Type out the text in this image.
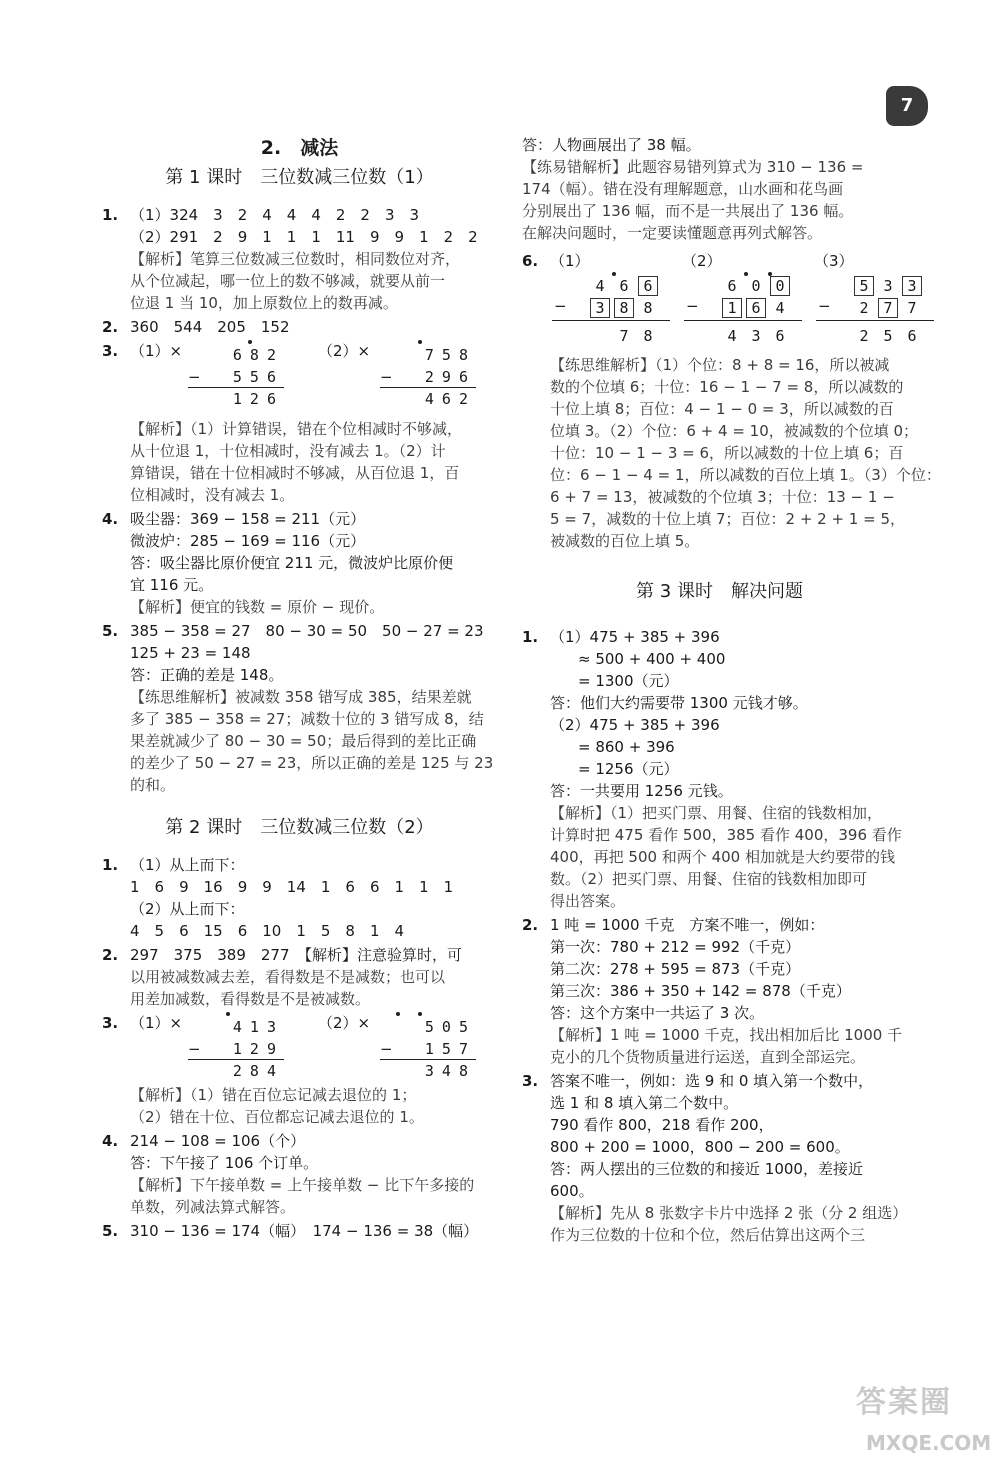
7

2.　减法

第 1 课时　三位数减三位数（1）

1. （1）324　3　2　4　4　4　2　2　3　3

（2）291　2　9　1　1　1　11　9　9　1　2　2

【解析】笔算三位数减三位数时，相同数位对齐，

从个位减起，哪一位上的数不够减，就要从前一

位退 1 当 10，加上原数位上的数再减。

2. 360　544　205　152

3. （1）×	682
− 556
126
（2）×	758
− 296
462

【解析】（1）计算错误，错在个位相减时不够减，

从十位退 1，十位相减时，没有减去 1。（2）计

算错误，错在十位相减时不够减，从百位退 1，百

位相减时，没有减去 1。

4. 吸尘器：369 − 158 = 211（元）

微波炉：285 − 169 = 116（元）

答：吸尘器比原价便宜 211 元，微波炉比原价便

宜 116 元。

【解析】便宜的钱数 = 原价 − 现价。

5. 385 − 358 = 27　80 − 30 = 50　50 − 27 = 23

125 + 23 = 148

答：正确的差是 148。

【练思维解析】被减数 358 错写成 385，结果差就

多了 385 − 358 = 27；减数十位的 3 错写成 8，结

果差就减少了 80 − 30 = 50；最后得到的差比正确

的差少了 50 − 27 = 23，所以正确的差是 125 与 23

的和。

第 2 课时　三位数减三位数（2）

1. （1）从上而下：

1　6　9　16　9　9　14　1　6　6　1　1　1

（2）从上而下：

4　5　6　15　6　10　1　5　8　1　4

2. 297　375　389　277　【解析】注意验算时，可

以用被减数减去差，看得数是不是减数；也可以

用差加减数，看得数是不是被减数。

3. （1）×	413
− 129
284
（2）×	505
− 157
348

【解析】（1）错在百位忘记减去退位的 1；

（2）错在十位、百位都忘记减去退位的 1。

4. 214 − 108 = 106（个）

答：下午接了 106 个订单。

【解析】下午接单数 = 上午接单数 − 比下午多接的

单数，列减法算式解答。

5. 310 − 136 = 174（幅）　174 − 136 = 38（幅）

答：人物画展出了 38 幅。

【练易错解析】此题容易错列算式为 310 − 136 =

174（幅）。错在没有理解题意，山水画和花鸟画

分别展出了 136 幅，而不是一共展出了 136 幅。

在解决问题时，一定要读懂题意再列式解答。

6. （1）
4 6 6
−	3 8 8
7 8
（2）
6 0 0
−	1 6 4
4 3 6
（3）
5 3 3
−	2 7 7
2 5 6

【练思维解析】（1）个位：8 + 8 = 16，所以被减

数的个位填 6；十位：16 − 1 − 7 = 8，所以减数的

十位上填 8；百位：4 − 1 − 0 = 3，所以减数的百

位填 3。（2）个位：6 + 4 = 10，被减数的个位填 0；

十位：10 − 1 − 3 = 6，所以减数的十位上填 6；百

位：6 − 1 − 4 = 1，所以减数的百位上填 1。（3）个位：

6 + 7 = 13，被减数的个位填 3；十位：13 − 1 −

5 = 7，减数的十位上填 7；百位：2 + 2 + 1 = 5，

被减数的百位上填 5。

第 3 课时　解决问题

1. （1）475 + 385 + 396

≈ 500 + 400 + 400

= 1300（元）

答：他们大约需要带 1300 元钱才够。

（2）475 + 385 + 396

= 860 + 396

= 1256（元）

答：一共要用 1256 元钱。

【解析】（1）把买门票、用餐、住宿的钱数相加，

计算时把 475 看作 500，385 看作 400，396 看作

400，再把 500 和两个 400 相加就是大约要带的钱

数。（2）把买门票、用餐、住宿的钱数相加即可

得出答案。

2. 1 吨 = 1000 千克　方案不唯一，例如：

第一次：780 + 212 = 992（千克）

第二次：278 + 595 = 873（千克）

第三次：386 + 350 + 142 = 878（千克）

答：这个方案中一共运了 3 次。

【解析】1 吨 = 1000 千克，找出相加后比 1000 千

克小的几个货物质量进行运送，直到全部运完。

3. 答案不唯一，例如：选 9 和 0 填入第一个数中，

选 1 和 8 填入第二个数中。

790 看作 800，218 看作 200，

800 + 200 = 1000，800 − 200 = 600。

答：两人摆出的三位数的和接近 1000，差接近

600。

【解析】先从 8 张数字卡片中选择 2 张（分 2 组选）

作为三位数的十位和个位，然后估算出这两个三

答案圈
MXQE.COM
